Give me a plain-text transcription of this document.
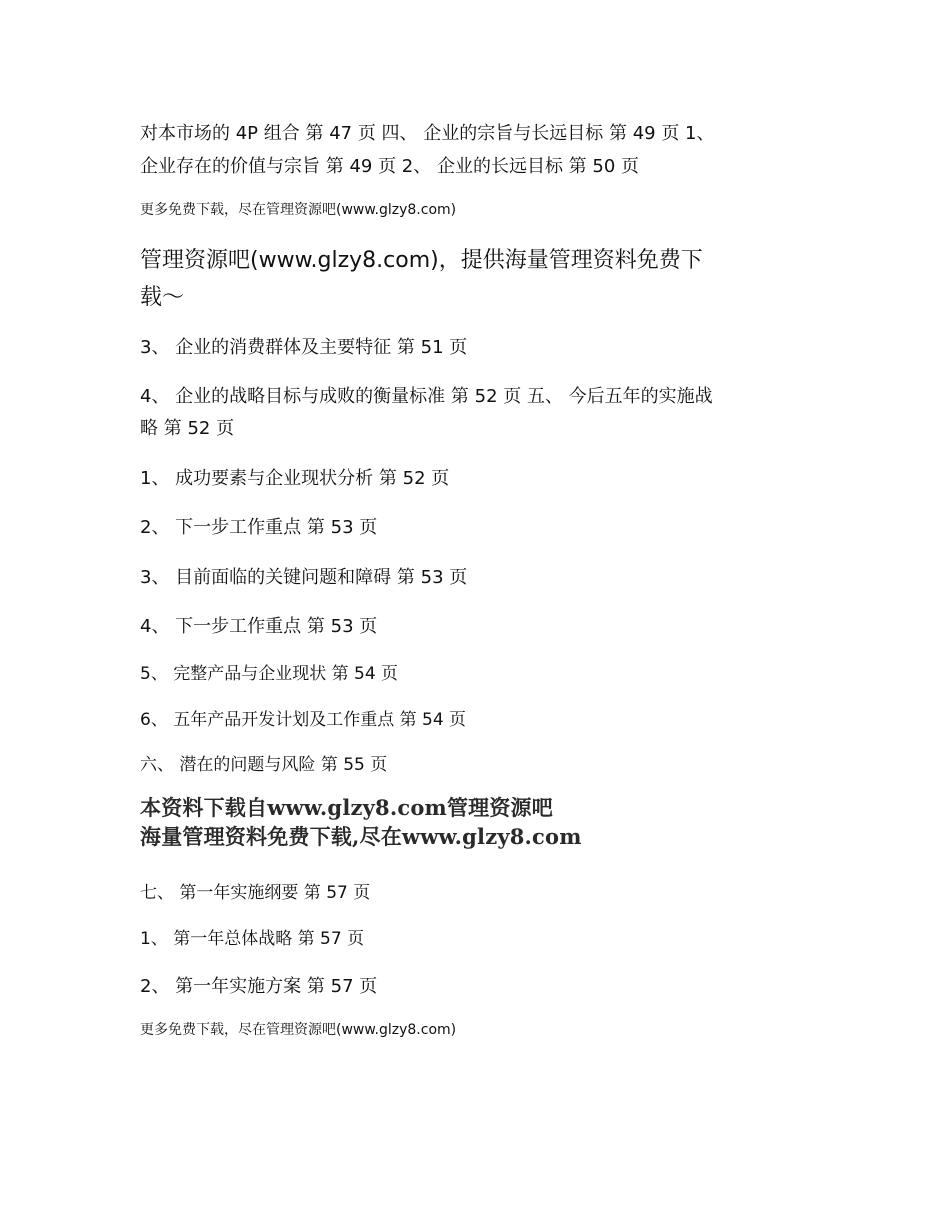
对本市场的 4P 组合 第 47 页 四、 企业的宗旨与长远目标 第 49 页 1、
企业存在的价值与宗旨 第 49 页 2、 企业的长远目标 第 50 页
更多免费下载，尽在管理资源吧(www.glzy8.com)
管理资源吧(www.glzy8.com)，提供海量管理资料免费下
载～
3、 企业的消费群体及主要特征 第 51 页
4、 企业的战略目标与成败的衡量标准 第 52 页 五、 今后五年的实施战
略 第 52 页
1、 成功要素与企业现状分析 第 52 页
2、 下一步工作重点 第 53 页
3、 目前面临的关键问题和障碍 第 53 页
4、 下一步工作重点 第 53 页
5、 完整产品与企业现状 第 54 页
6、 五年产品开发计划及工作重点 第 54 页
六、 潜在的问题与风险 第 55 页
本资料下载自www.glzy8.com管理资源吧
海量管理资料免费下载,尽在www.glzy8.com
七、 第一年实施纲要 第 57 页
1、 第一年总体战略 第 57 页
2、 第一年实施方案 第 57 页
更多免费下载，尽在管理资源吧(www.glzy8.com)
